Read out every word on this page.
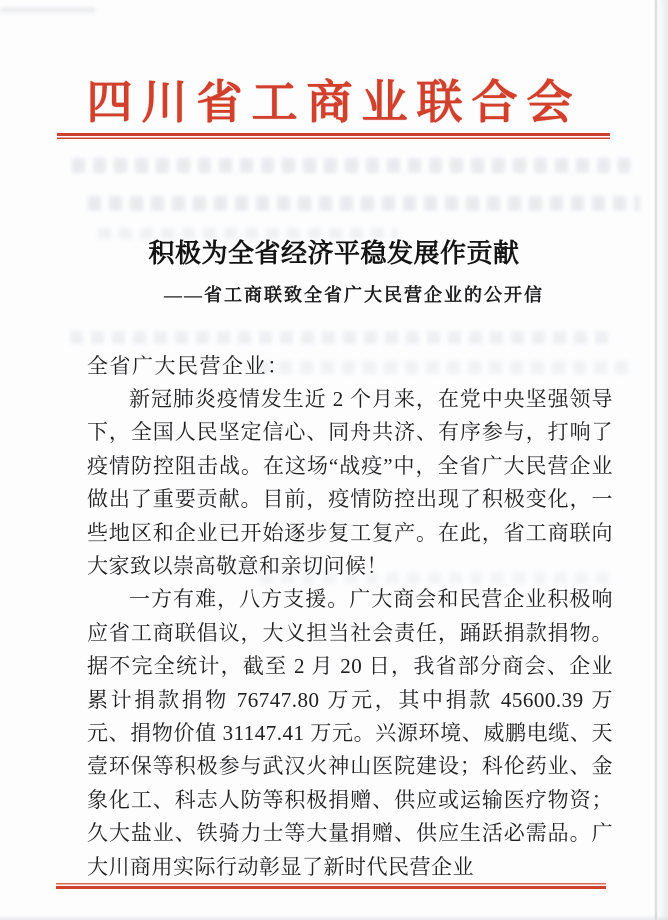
四川省工商业联合会
积极为全省经济平稳发展作贡献
——省工商联致全省广大民营企业的公开信
全省广大民营企业：

新冠肺炎疫情发生近 2 个月来，在党中央坚强领导下，全国人民坚定信心、同舟共济、有序参与，打响了疫情防控阻击战。在这场“战疫”中，全省广大民营企业做出了重要贡献。目前，疫情防控出现了积极变化，一些地区和企业已开始逐步复工复产。在此，省工商联向大家致以崇高敬意和亲切问候！

一方有难，八方支援。广大商会和民营企业积极响应省工商联倡议，大义担当社会责任，踊跃捐款捐物。据不完全统计，截至 2 月 20 日，我省部分商会、企业累计捐款捐物 76747.80 万元，其中捐款 45600.39 万元、捐物价值 31147.41 万元。兴源环境、威鹏电缆、天壹环保等积极参与武汉火神山医院建设；科伦药业、金象化工、科志人防等积极捐赠、供应或运输医疗物资；久大盐业、铁骑力士等大量捐赠、供应生活必需品。广大川商用实际行动彰显了新时代民营企业
